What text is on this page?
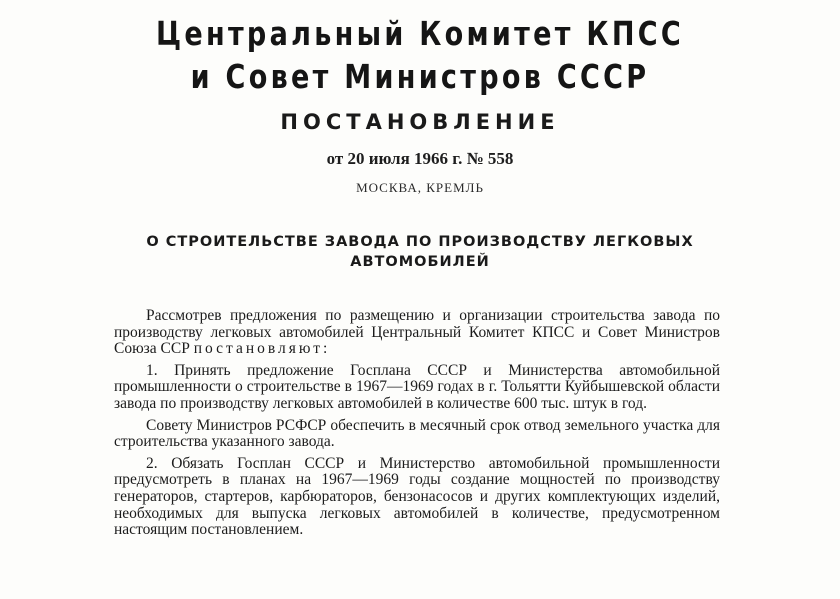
Центральный Комитет КПСС
и Совет Министров СССР
ПОСТАНОВЛЕНИЕ
от 20 июля 1966 г. № 558
МОСКВА, КРЕМЛЬ
О СТРОИТЕЛЬСТВЕ ЗАВОДА ПО ПРОИЗВОДСТВУ ЛЕГКОВЫХ
АВТОМОБИЛЕЙ

Рассмотрев предложения по размещению и организации строительства завода по производству легковых автомобилей Центральный Комитет КПСС и Совет Министров Союза ССР постановляют:

1. Принять предложение Госплана СССР и Министерства автомобильной промышленности о строительстве в 1967—1969 годах в г. Тольятти Куйбышевской области завода по производству легковых автомобилей в количестве 600 тыс. штук в год.

Совету Министров РСФСР обеспечить в месячный срок отвод земельного участка для строительства указанного завода.

2. Обязать Госплан СССР и Министерство автомобильной промышленности предусмотреть в планах на 1967—1969 годы создание мощностей по производству генераторов, стартеров, карбюраторов, бензонасосов и других комплектующих изделий, необходимых для выпуска легковых автомобилей в количестве, предусмотренном настоящим постановлением.
